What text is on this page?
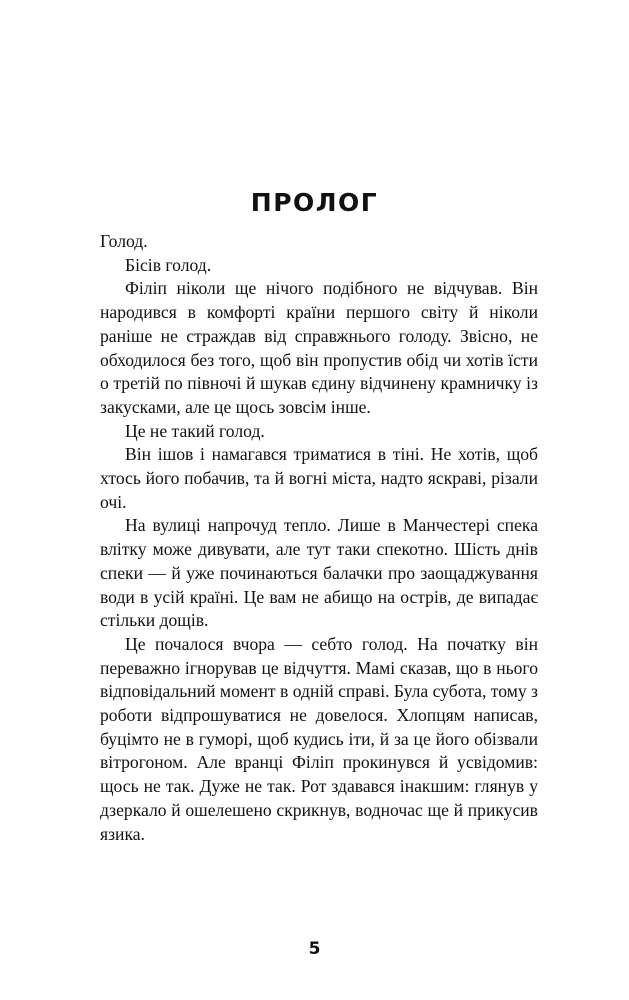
ПРОЛОГ

Голод.

Бісів голод.

Філіп ніколи ще нічого подібного не відчував. Він народився в комфорті країни першого світу й ніколи раніше не страждав від справжнього голоду. Звісно, не обходилося без того, щоб він пропустив обід чи хотів їсти о третій по півночі й шукав єдину відчинену крамничку із закусками, але це щось зовсім інше.

Це не такий голод.

Він ішов і намагався триматися в тіні. Не хотів, щоб хтось його побачив, та й вогні міста, надто яскраві, різали очі.

На вулиці напрочуд тепло. Лише в Манчестері спека влітку може дивувати, але тут таки спекотно. Шість днів спеки — й уже починаються балачки про заощаджування води в усій країні. Це вам не абищо на острів, де випадає стільки дощів.

Це почалося вчора — себто голод. На початку він переважно ігнорував це відчуття. Мамі сказав, що в нього відповідальний момент в одній справі. Була субота, тому з роботи відпрошуватися не довелося. Хлопцям написав, буцімто не в гуморі, щоб кудись іти, й за це його обізвали вітрогоном. Але вранці Філіп прокинувся й усвідомив: щось не так. Дуже не так. Рот здавався інакшим: глянув у дзеркало й ошелешено скрикнув, водночас ще й прикусив язика.

5
